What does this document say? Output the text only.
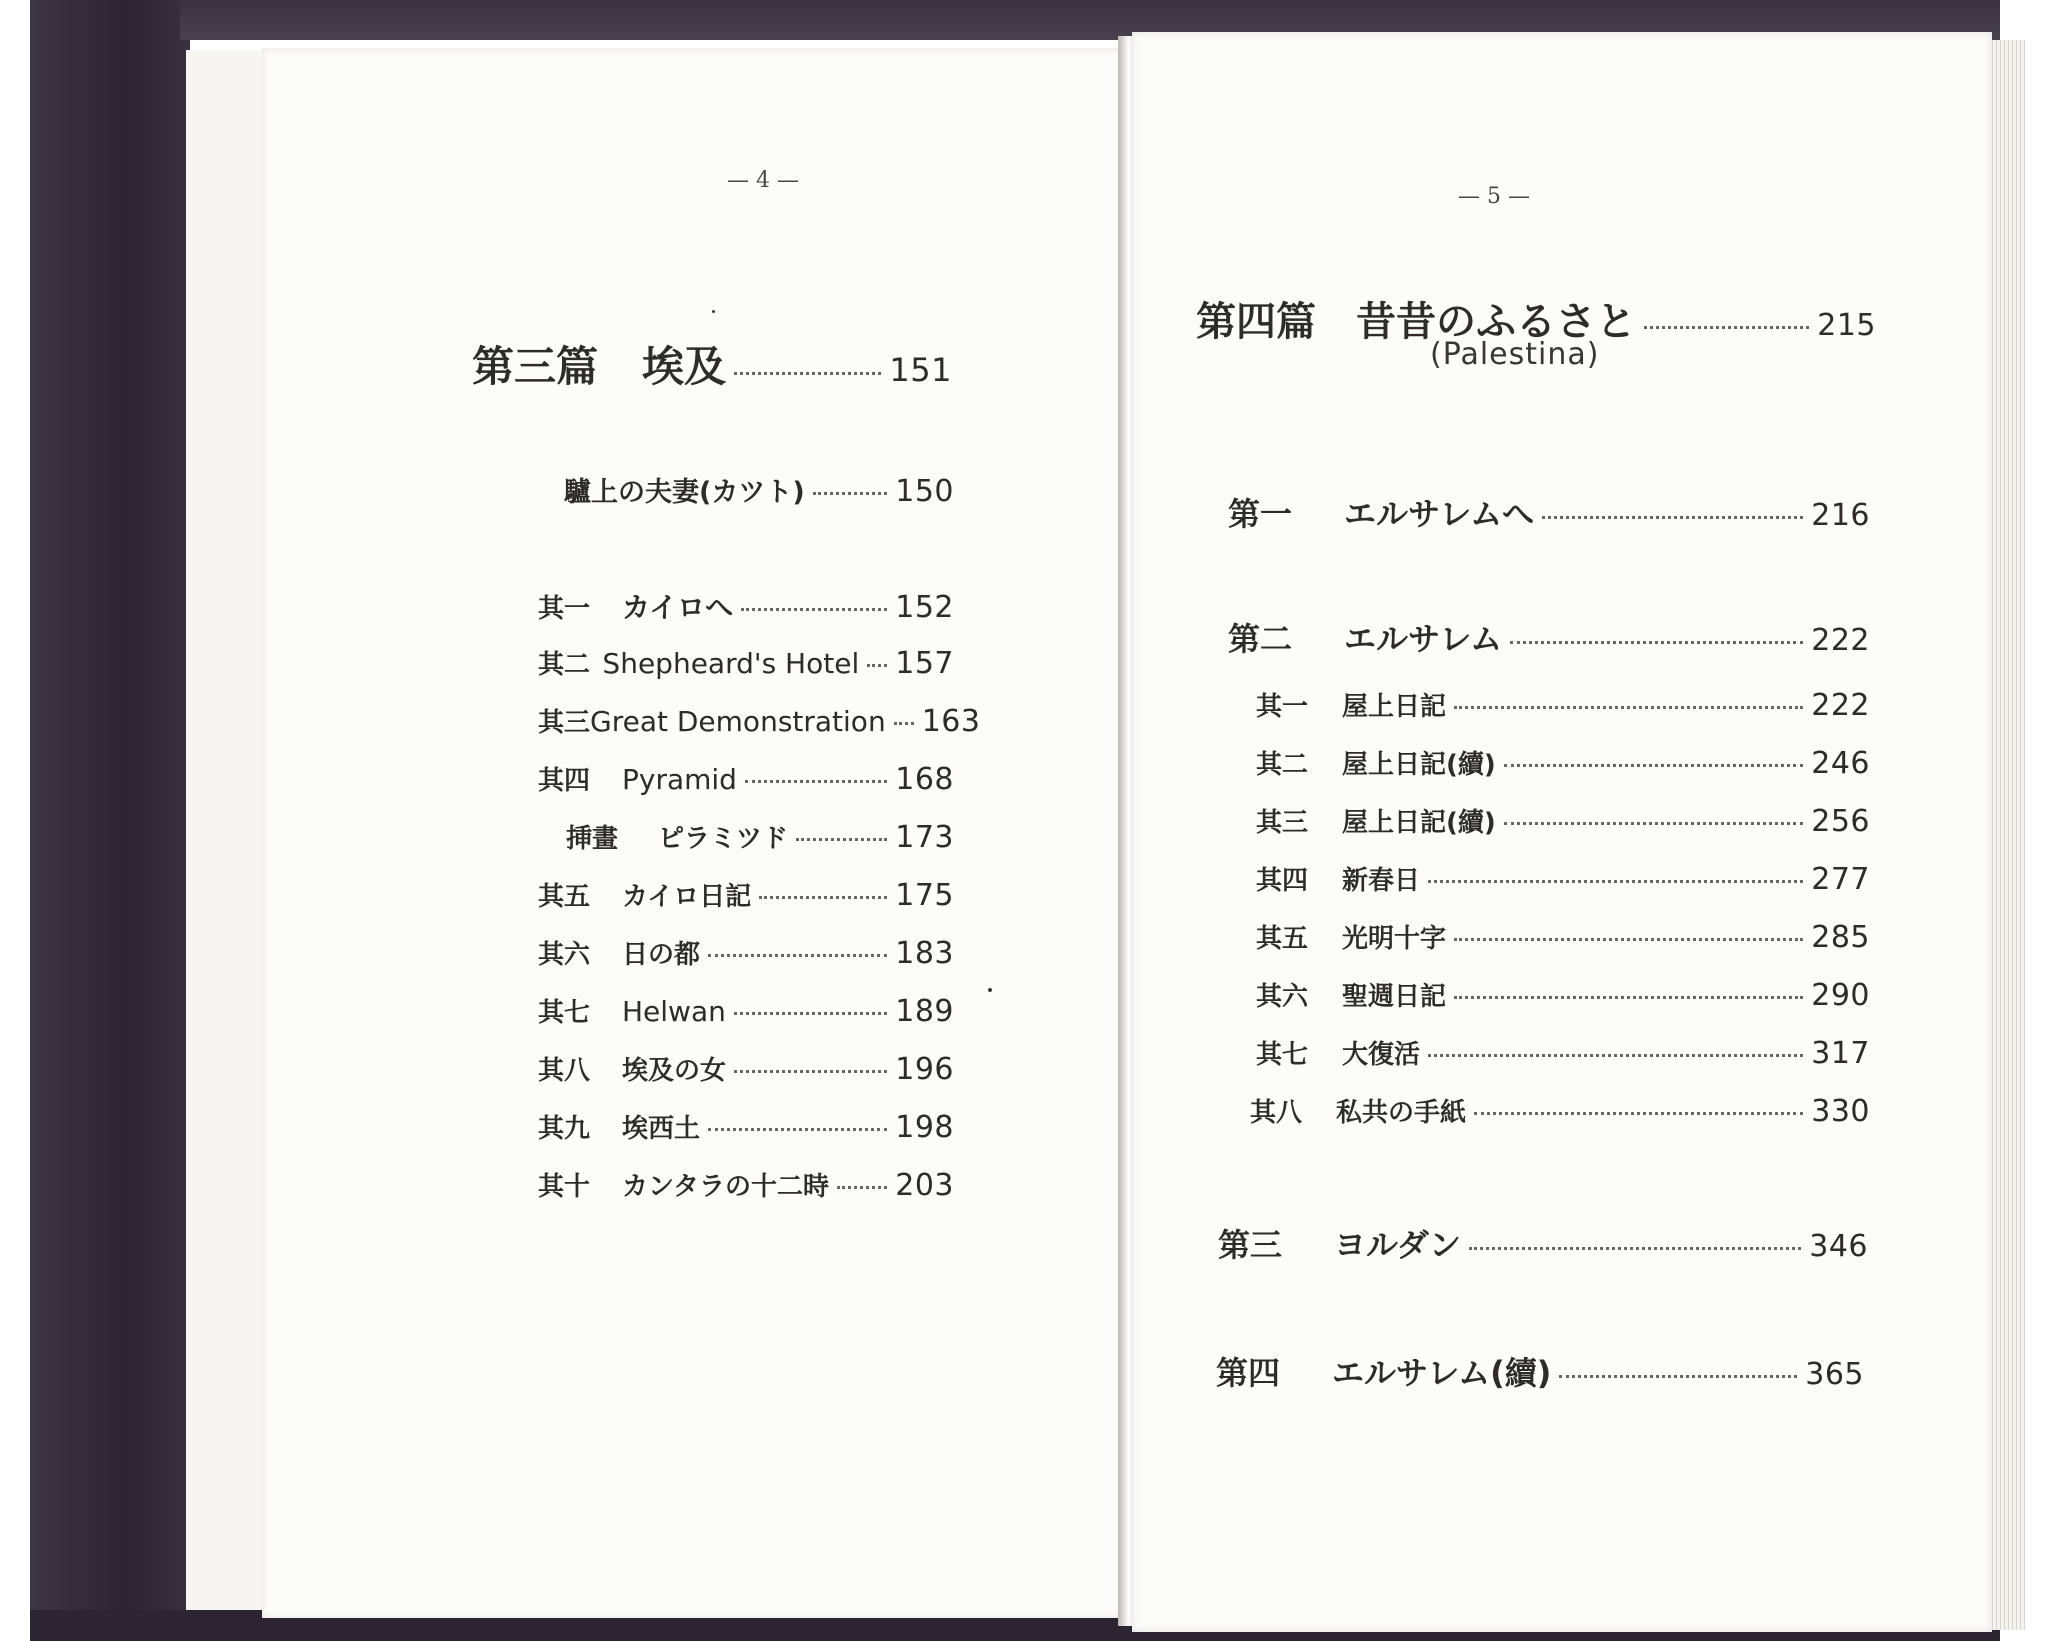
— 4 —
第三篇 埃及	151
驢上の夫妻(カツト)	150
其一	カイロへ	152
其二 Shepheard's Hotel 157
其三 Great Demonstration 163
其四	Pyramid	168
挿畫	ピラミツド	173
其五	カイロ日記	175
其六	日の都	183
其七	Helwan	189
其八	埃及の女	196
其九	埃西土	198
其十	カンタラの十二時 203
— 5 —
第四篇 昔昔のふるさと	215
(Palestina)
第一	エルサレムへ	216
第二	エルサレム	222
其一	屋上日記	222
其二	屋上日記(續)	246
其三	屋上日記(續)	256
其四	新春日	277
其五	光明十字	285
其六	聖週日記	290
其七	大復活	317
其八	私共の手紙	330
第三	ヨルダン	346
第四	エルサレム(續)	365
